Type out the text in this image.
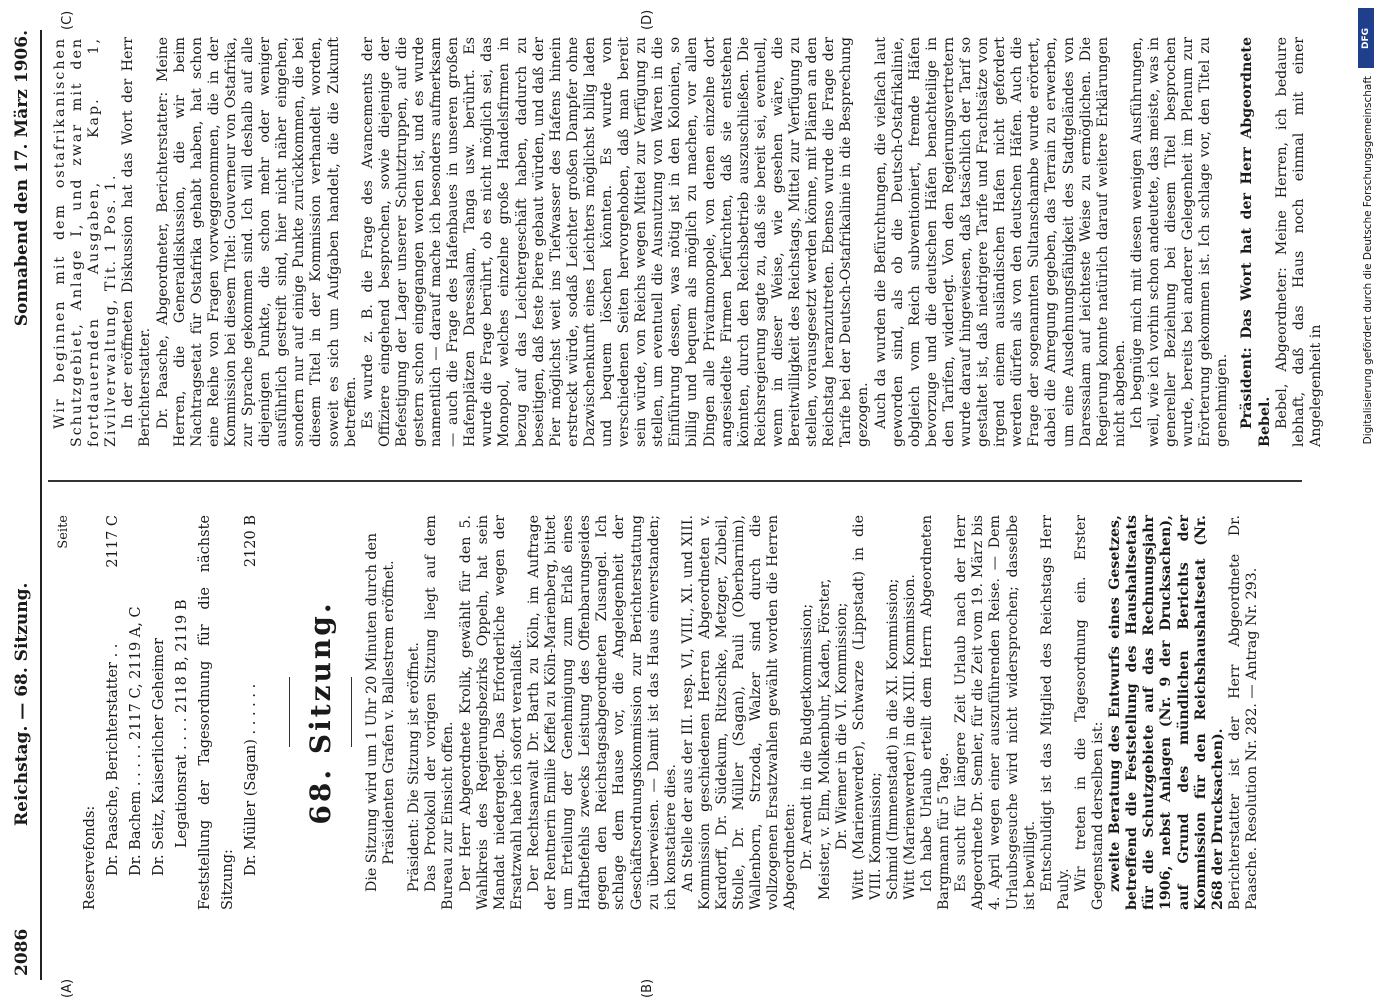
2086
Reichstag. — 68. Sitzung.
Sonnabend den 17. März 1906.
(A)	(B)
(C)	(D)
Seite
Reservefonds: Dr. Paasche, Berichterstatter . .
2117 C
Dr. Bachem . . . . . 2117 C, 2119 A, C Dr. Seitz, Kaiserlicher Geheimer Legationsrat . . . . 2118 B, 2119 B Feststellung der Tagesordnung für die nächste Sitzung:
Dr. Müller (Sagan) . . . . . .
2120 B
68. Sitzung. Die Sitzung wird um 1 Uhr 20 Minuten durch den Präsidenten Grafen v. Ballestrem eröffnet. Präsident: Die Sitzung ist eröffnet. Das Protokoll der vorigen Sitzung liegt auf dem Bureau zur Einsicht offen. Der Herr Abgeordnete Krolik, gewählt für den 5. Wahlkreis des Regierungsbezirks Oppeln, hat sein Mandat niedergelegt. Das Erforderliche wegen der Ersatzwahl habe ich sofort veranlaßt. Der Rechtsanwalt Dr. Barth zu Köln, im Auftrage der Rentnerin Emilie Keffel zu Köln-Marienberg, bittet um Erteilung der Genehmigung zum Erlaß eines Haftbefehls zwecks Leistung des Offenbarungseides gegen den Reichstagsabgeordneten Zusangel. Ich schlage dem Hause vor, die Angelegenheit der Geschäftsordnungskommission zur Berichterstattung zu überweisen. — Damit ist das Haus einverstanden; ich konstatiere dies. An Stelle der aus der III. resp. VI, VIII., XI. und XIII. Kommission geschiedenen Herren Abgeordneten v. Kardorff, Dr. Südekum, Ritzschke, Metzger, Zubeil, Stolle, Dr. Müller (Sagan), Pauli (Oberbarnim), Wallenborn, Strzoda, Walzer sind durch die vollzogenen Ersatzwahlen gewählt worden die Herren Abgeordneten: Dr. Arendt in die Budgetkommission; Meister, v. Elm, Molkenbuhr, Kaden, Förster, Dr. Wiemer in die VI. Kommission; Witt (Marienwerder), Schwarze (Lippstadt) in die VIII. Kommission; Schmid (Immenstadt) in die XI. Kommission; Witt (Marienwerder) in die XIII. Kommission. Ich habe Urlaub erteilt dem Herrn Abgeordneten Bargmann für 5 Tage. Es sucht für längere Zeit Urlaub nach der Herr Abgeordnete Dr. Semler, für die Zeit vom 19. März bis 4. April wegen einer auszuführenden Reise. — Dem Urlaubsgesuche wird nicht widersprochen; dasselbe ist bewilligt. Entschuldigt ist das Mitglied des Reichstags Herr Pauly. Wir treten in die Tagesordnung ein. Erster Gegenstand derselben ist: zweite Beratung des Entwurfs eines Gesetzes, betreffend die Feststellung des Haushaltsetats für die Schutzgebiete auf das Rechnungsjahr 1906, nebst Anlagen (Nr. 9 der Drucksachen), auf Grund des mündlichen Berichts der Kommission für den Reichshaushaltsetat (Nr. 268 der Drucksachen). Berichterstatter ist der Herr Abgeordnete Dr. Paasche. Resolution Nr. 282. — Antrag Nr. 293.

Wir beginnen mit dem ostafrikanischen Schutzgebiet, Anlage I, und zwar mit den fortdauernden Ausgaben, Kap. 1, Zivilverwaltung, Tit. 1 Pos. 1. In der eröffneten Diskussion hat das Wort der Herr Berichterstatter. Dr. Paasche, Abgeordneter, Berichterstatter: Meine Herren, die Generaldiskussion, die wir beim Nachtragsetat für Ostafrika gehabt haben, hat schon eine Reihe von Fragen vorweggenommen, die in der Kommission bei diesem Titel: Gouverneur von Ostafrika, zur Sprache gekommen sind. Ich will deshalb auf alle diejenigen Punkte, die schon mehr oder weniger ausführlich gestreift sind, hier nicht näher eingehen, sondern nur auf einige Punkte zurückkommen, die bei diesem Titel in der Kommission verhandelt worden, soweit es sich um Aufgaben handelt, die die Zukunft betreffen. Es wurde z. B. die Frage des Avancements der Offiziere eingehend besprochen, sowie diejenige der Befestigung der Lager unserer Schutztruppen, auf die gestern schon eingegangen worden ist, und es wurde namentlich — darauf mache ich besonders aufmerksam — auch die Frage des Hafenbaues in unseren großen Hafenplätzen Daressalam, Tanga usw. berührt. Es wurde die Frage berührt, ob es nicht möglich sei, das Monopol, welches einzelne große Handelsfirmen in bezug auf das Leichtergeschäft haben, dadurch zu beseitigen, daß feste Piere gebaut würden, und daß der Pier möglichst weit ins Tiefwasser des Hafens hinein erstreckt würde, sodaß Leichter großen Dampfer ohne Dazwischenkunft eines Leichters möglichst billig laden und bequem löschen könnten. Es wurde von verschiedenen Seiten hervorgehoben, daß man bereit sein würde, von Reichs wegen Mittel zur Verfügung zu stellen, um eventuell die Ausnutzung von Waren in die Einführung dessen, was nötig ist in den Kolonien, so billig und bequem als möglich zu machen, vor allen Dingen alle Privatmonopole, von denen einzelne dort angesiedelte Firmen befürchten, daß sie entstehen könnten, durch den Reichsbetrieb auszuschließen. Die Reichsregierung sagte zu, daß sie bereit sei, eventuell, wenn in dieser Weise, wie gesehen wäre, die Bereitwilligkeit des Reichstags, Mittel zur Verfügung zu stellen, vorausgesetzt werden könne, mit Plänen an den Reichstag heranzutreten. Ebenso wurde die Frage der Tarife bei der Deutsch-Ostafrikalinie in die Besprechung gezogen. Auch da wurden die Befürchtungen, die vielfach laut geworden sind, als ob die Deutsch-Ostafrikalinie, obgleich vom Reich subventioniert, fremde Häfen bevorzuge und die deutschen Häfen benachteilige in den Tarifen, widerlegt. Von den Regierungsvertretern wurde darauf hingewiesen, daß tatsächlich der Tarif so gestaltet ist, daß niedrigere Tarife und Frachtsätze von irgend einem ausländischen Hafen nicht gefordert werden dürfen als von den deutschen Häfen. Auch die Frage der sogenannten Sultanschambe wurde erörtert, dabei die Anregung gegeben, das Terrain zu erwerben, um eine Ausdehnungsfähigkeit des Stadtgeländes von Daressalam auf leichteste Weise zu ermöglichen. Die Regierung konnte natürlich darauf weitere Erklärungen nicht abgeben. Ich begnüge mich mit diesen wenigen Ausführungen, weil, wie ich vorhin schon andeutete, das meiste, was in genereller Beziehung bei diesem Titel besprochen wurde, bereits bei anderer Gelegenheit im Plenum zur Erörterung gekommen ist. Ich schlage vor, den Titel zu genehmigen. Präsident: Das Wort hat der Herr Abgeordnete Bebel. Bebel, Abgeordneter: Meine Herren, ich bedaure lebhaft, daß das Haus noch einmal mit einer Angelegenheit in

DFG
Digitalisierung gefördert durch die Deutsche Forschungsgemeinschaft
